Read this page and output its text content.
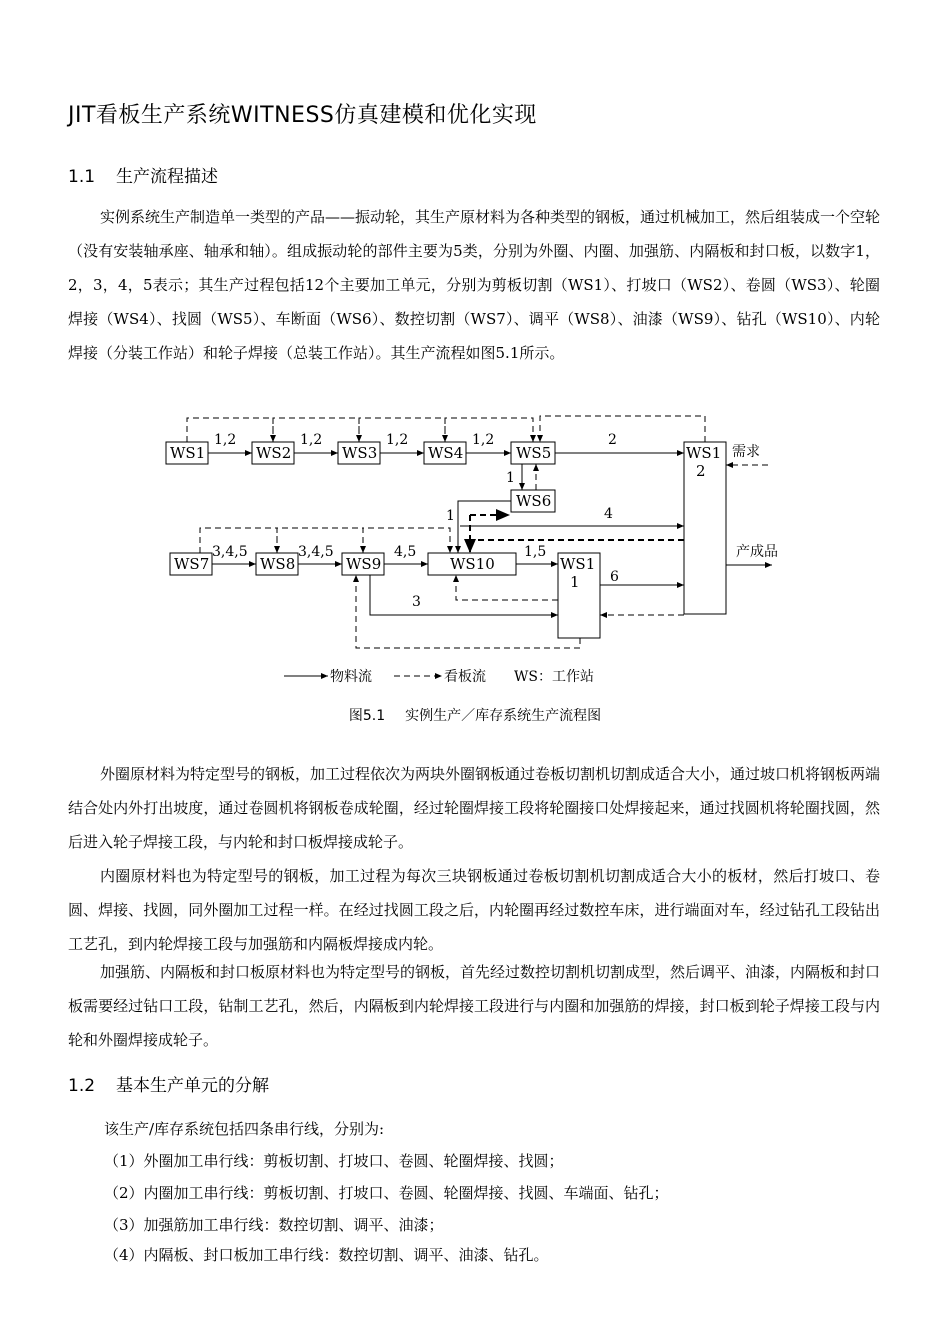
JIT看板生产系统WITNESS仿真建模和优化实现
1.1 生产流程描述

实例系统生产制造单一类型的产品——振动轮，其生产原材料为各种类型的钢板，通过机械加工，然后组装成一个空轮（没有安装轴承座、轴承和轴）。组成振动轮的部件主要为5类，分别为外圈、内圈、加强筋、内隔板和封口板，以数字1，2，3，4，5表示；其生产过程包括12个主要加工单元，分别为剪板切割（WS1）、打坡口（WS2）、卷圆（WS3）、轮圈焊接（WS4）、找圆（WS5）、车断面（WS6）、数控切割（WS7）、调平（WS8）、油漆（WS9）、钻孔（WS10）、内轮焊接（分装工作站）和轮子焊接（总装工作站）。其生产流程如图5.1所示。

WS1	WS2	WS3	WS4	WS5
WS6
WS7	WS8	WS9	WS10	WS1
1
WS1
2
1,2	1,2	1,2	1,2	2
1
1	4
3,4,5	3,4,5	4,5	1,5
6
3
需求
产成品
物料流	看板流 WS：工作站
图5.1 实例生产／库存系统生产流程图

外圈原材料为特定型号的钢板，加工过程依次为两块外圈钢板通过卷板切割机切割成适合大小，通过坡口机将钢板两端结合处内外打出坡度，通过卷圆机将钢板卷成轮圈，经过轮圈焊接工段将轮圈接口处焊接起来，通过找圆机将轮圈找圆，然后进入轮子焊接工段，与内轮和封口板焊接成轮子。

内圈原材料也为特定型号的钢板，加工过程为每次三块钢板通过卷板切割机切割成适合大小的板材，然后打坡口、卷圆、焊接、找圆，同外圈加工过程一样。在经过找圆工段之后，内轮圈再经过数控车床，进行端面对车，经过钻孔工段钻出工艺孔，到内轮焊接工段与加强筋和内隔板焊接成内轮。

加强筋、内隔板和封口板原材料也为特定型号的钢板，首先经过数控切割机切割成型，然后调平、油漆，内隔板和封口板需要经过钻口工段，钻制工艺孔，然后，内隔板到内轮焊接工段进行与内圈和加强筋的焊接，封口板到轮子焊接工段与内轮和外圈焊接成轮子。

1.2 基本生产单元的分解
该生产/库存系统包括四条串行线，分别为:
（1）外圈加工串行线：剪板切割、打坡口、卷圆、轮圈焊接、找圆；
（2）内圈加工串行线：剪板切割、打坡口、卷圆、轮圈焊接、找圆、车端面、钻孔；
（3）加强筋加工串行线：数控切割、调平、油漆；
（4）内隔板、封口板加工串行线：数控切割、调平、油漆、钻孔。
